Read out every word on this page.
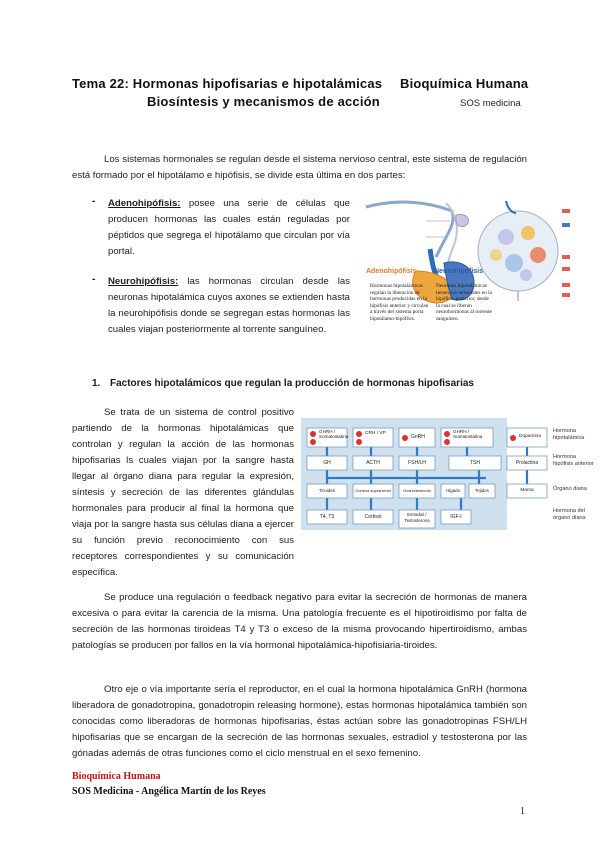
Tema 22: Hormonas hipofisarias e hipotalámicas
Biosíntesis y mecanismos de acción
Bioquímica Humana
SOS medicina
Los sistemas hormonales se regulan desde el sistema nervioso central, este sistema de regulación está formado por el hipotálamo e hipófisis, se divide esta última en dos partes:
- Adenohipófisis: posee una serie de células que producen hormonas las cuales están reguladas por péptidos que segrega el hipotálamo que circulan por vía portal.
- Neurohipófisis: las hormonas circulan desde las neuronas hipotalámica cuyos axones se extienden hasta la neurohipófisis donde se segregan estas hormonas las cuales viajan posteriormente al torrente sanguíneo.
Adenohipófisis Neurohipófisis
Hormonas hipotalámicas regulan la liberación de hormonas producidas en la hipófisis anterior y circulan a través del sistema porta hipotálamo-hipófisis.
Neuronas hipotalámicas tienen sus terminales en la hipófisis posterior, desde la cual se liberan neurohormonas al torrente sanguíneo.
1. Factores hipotalámicos que regulan la producción de hormonas hipofisarias
Se trata de un sistema de control positivo partiendo de la hormonas hipotalámicas que controlan y regulan la acción de las hormonas hipofisarias ls cuales viajan por la sangre hasta llegar al órgano diana para regular la expresión, síntesis y secreción de las diferentes glándulas hormonales para producir al final la hormona que viaja por la sangre hasta sus células diana a ejercer su función previo reconocimiento con sus receptores correspondientes y su comunicación específica.
GHRH / Somatostatina
CRH / VP
GnRH
GHRH / Somatostatina	Dopamina
GH	ACTH	FSH/LH	TSH	Prolactina
Tiroides	Corteza suprarrenal	Ovario/testículo	Hígado	Tejidos	Mama
T4, T3	Cortisol	Estradiol / Testosterona
IGF-I
Hormona hipotalámica
Hormona hipófisis anterior
Órgano diana
Hormona del órgano diana
Se produce una regulación o feedback negativo para evitar la secreción de hormonas de manera excesiva o para evitar la carencia de la misma. Una patología frecuente es el hipotiroidismo por falta de secreción de las hormonas tiroideas T4 y T3 o exceso de la misma provocando hipertiroidismo, ambas patologías se producen por fallos en la vía hormonal hipotalámica-hipofisiaria-tiroides.
Otro eje o vía importante sería el reproductor, en el cual la hormona hipotalámica GnRH (hormona liberadora de gonadotropina, gonadotropin releasing hormone), estas hormonas hipotalámica también son conocidas como liberadoras de hormonas hipofisarias, éstas actúan sobre las gonadotropinas FSH/LH hipofisarias que se encargan de la secreción de las hormonas sexuales, estradiol y testosterona por las gónadas además de otras funciones como el ciclo menstrual en el sexo femenino.
Bioquímica Humana
SOS Medicina - Angélica Martín de los Reyes
1
